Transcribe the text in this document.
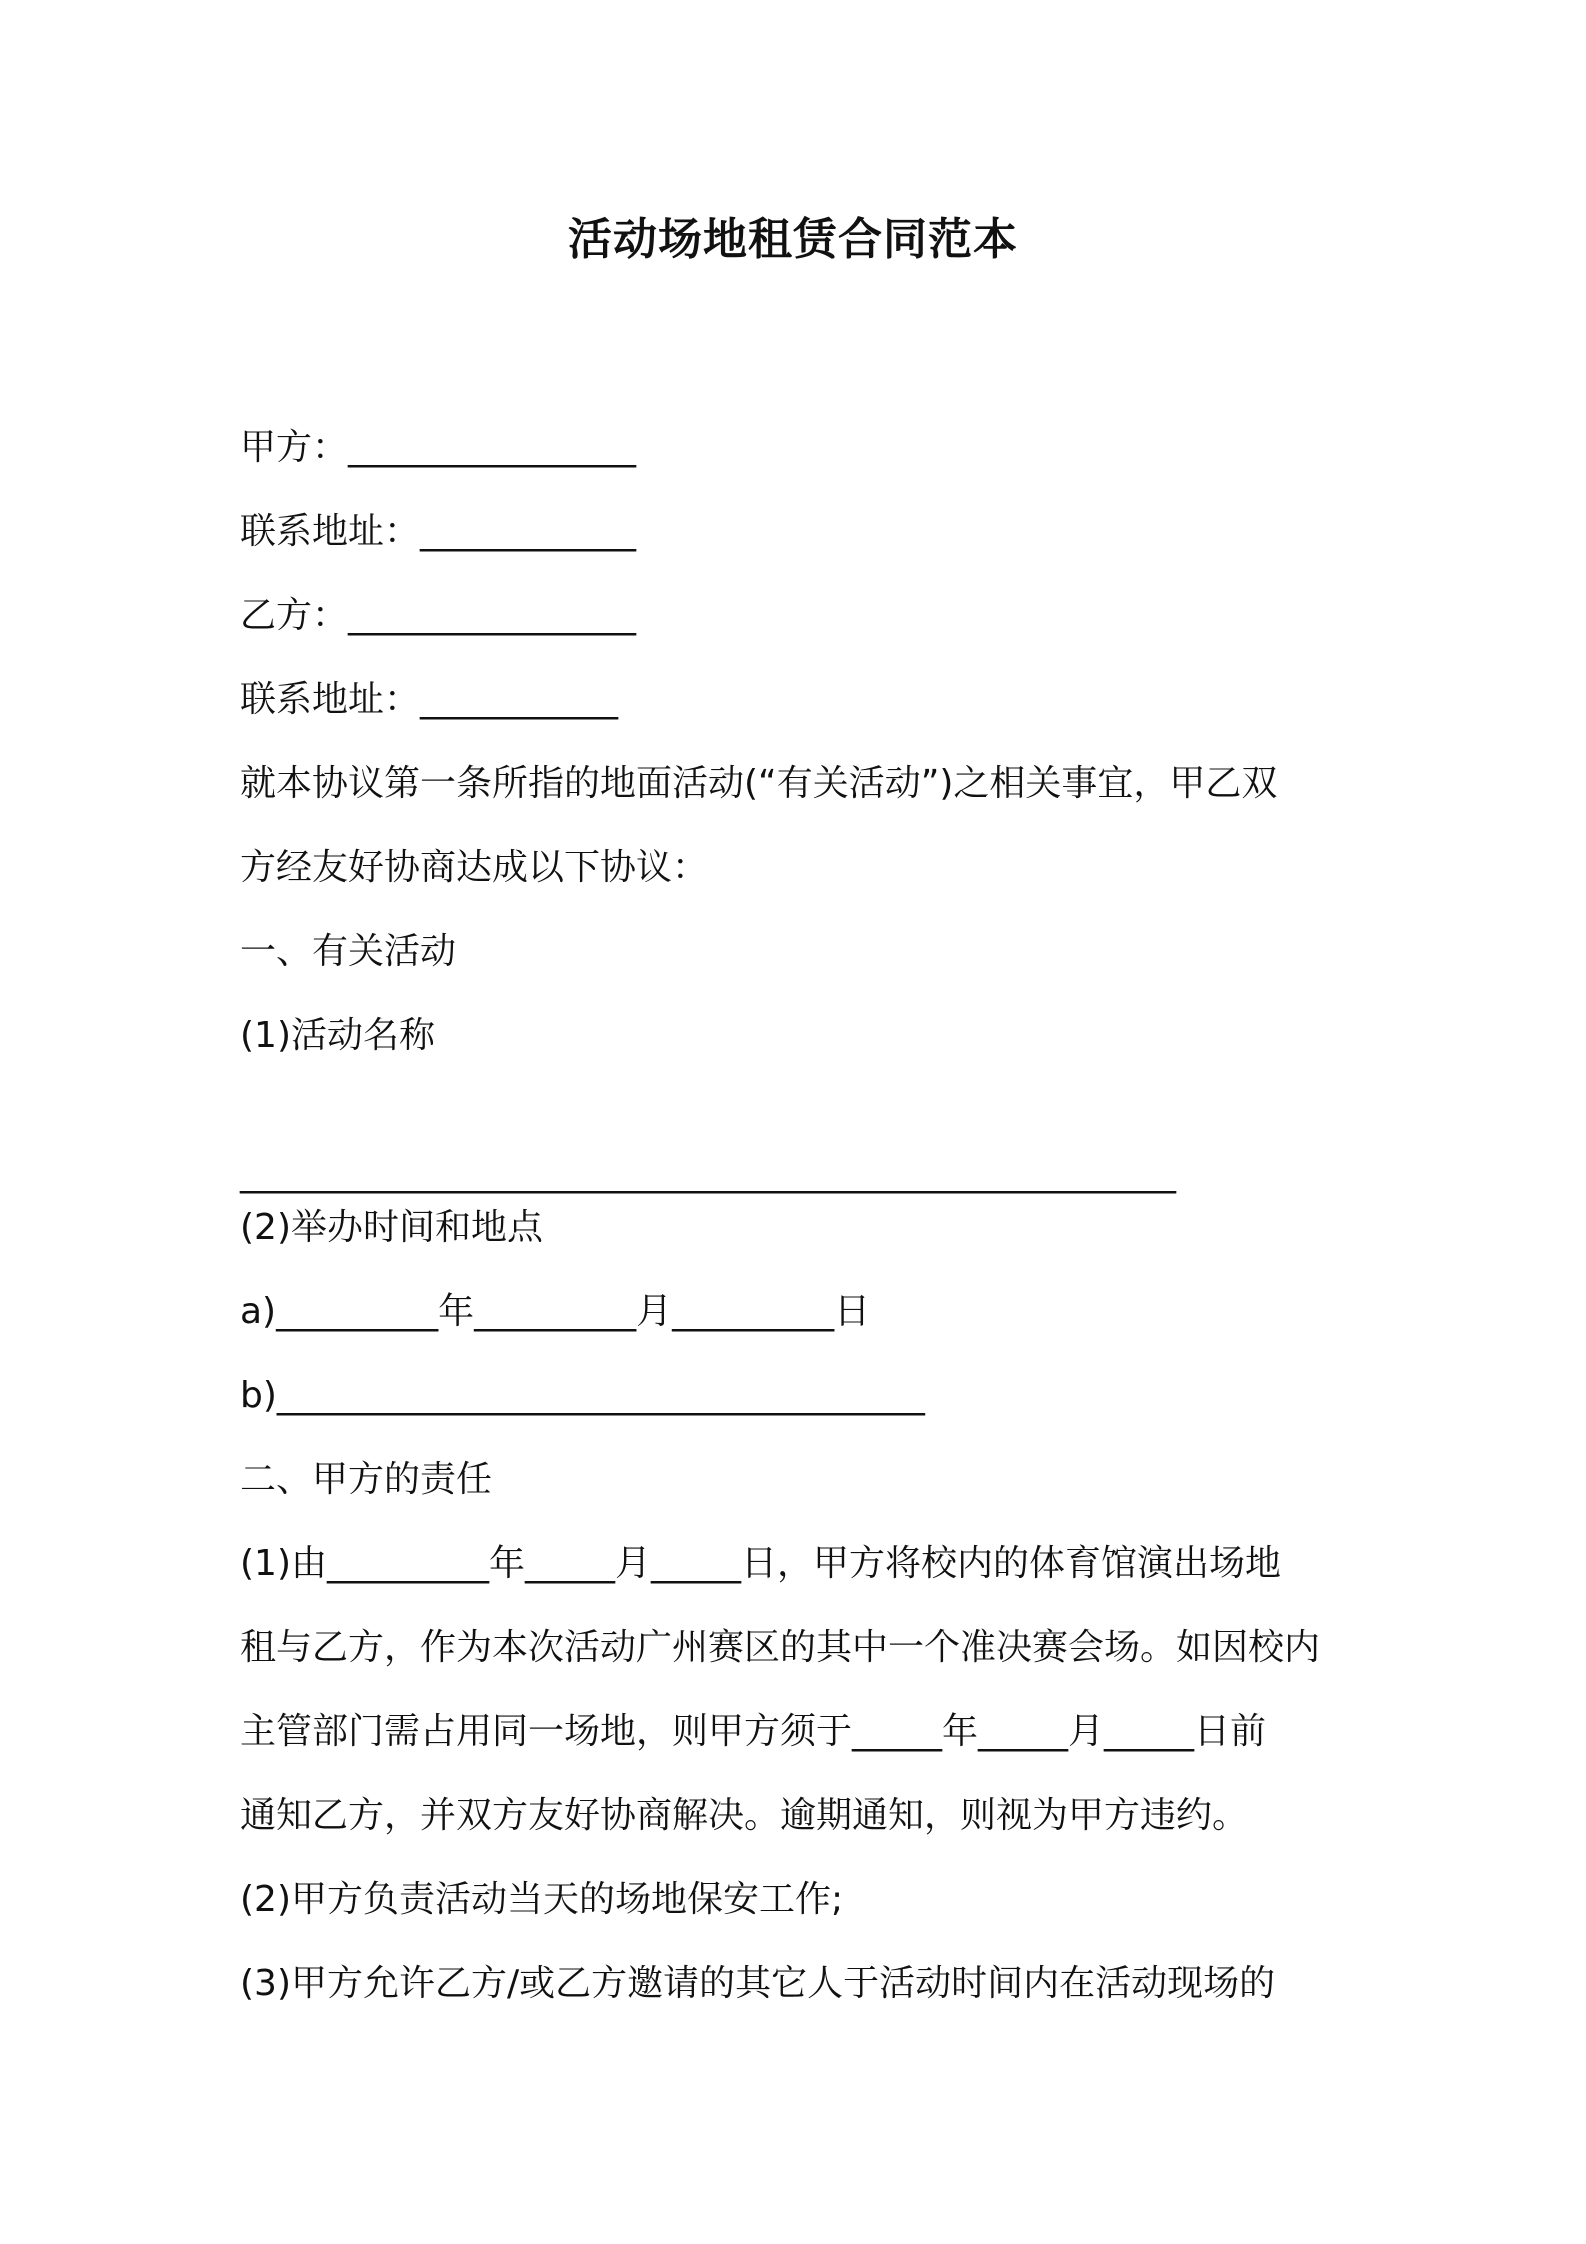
活动场地租赁合同范本
甲方：________________
联系地址：____________
乙方：________________
联系地址：___________
就本协议第一条所指的地面活动(“有关活动”)之相关事宜，甲乙双
方经友好协商达成以下协议：
一、有关活动
(1)活动名称
____________________________________________________
(2)举办时间和地点
a)_________年_________月_________日
b)____________________________________
二、甲方的责任
(1)由_________年_____月_____日，甲方将校内的体育馆演出场地
租与乙方，作为本次活动广州赛区的其中一个准决赛会场。如因校内
主管部门需占用同一场地，则甲方须于_____年_____月_____日前
通知乙方，并双方友好协商解决。逾期通知，则视为甲方违约。
(2)甲方负责活动当天的场地保安工作;
(3)甲方允许乙方/或乙方邀请的其它人于活动时间内在活动现场的
